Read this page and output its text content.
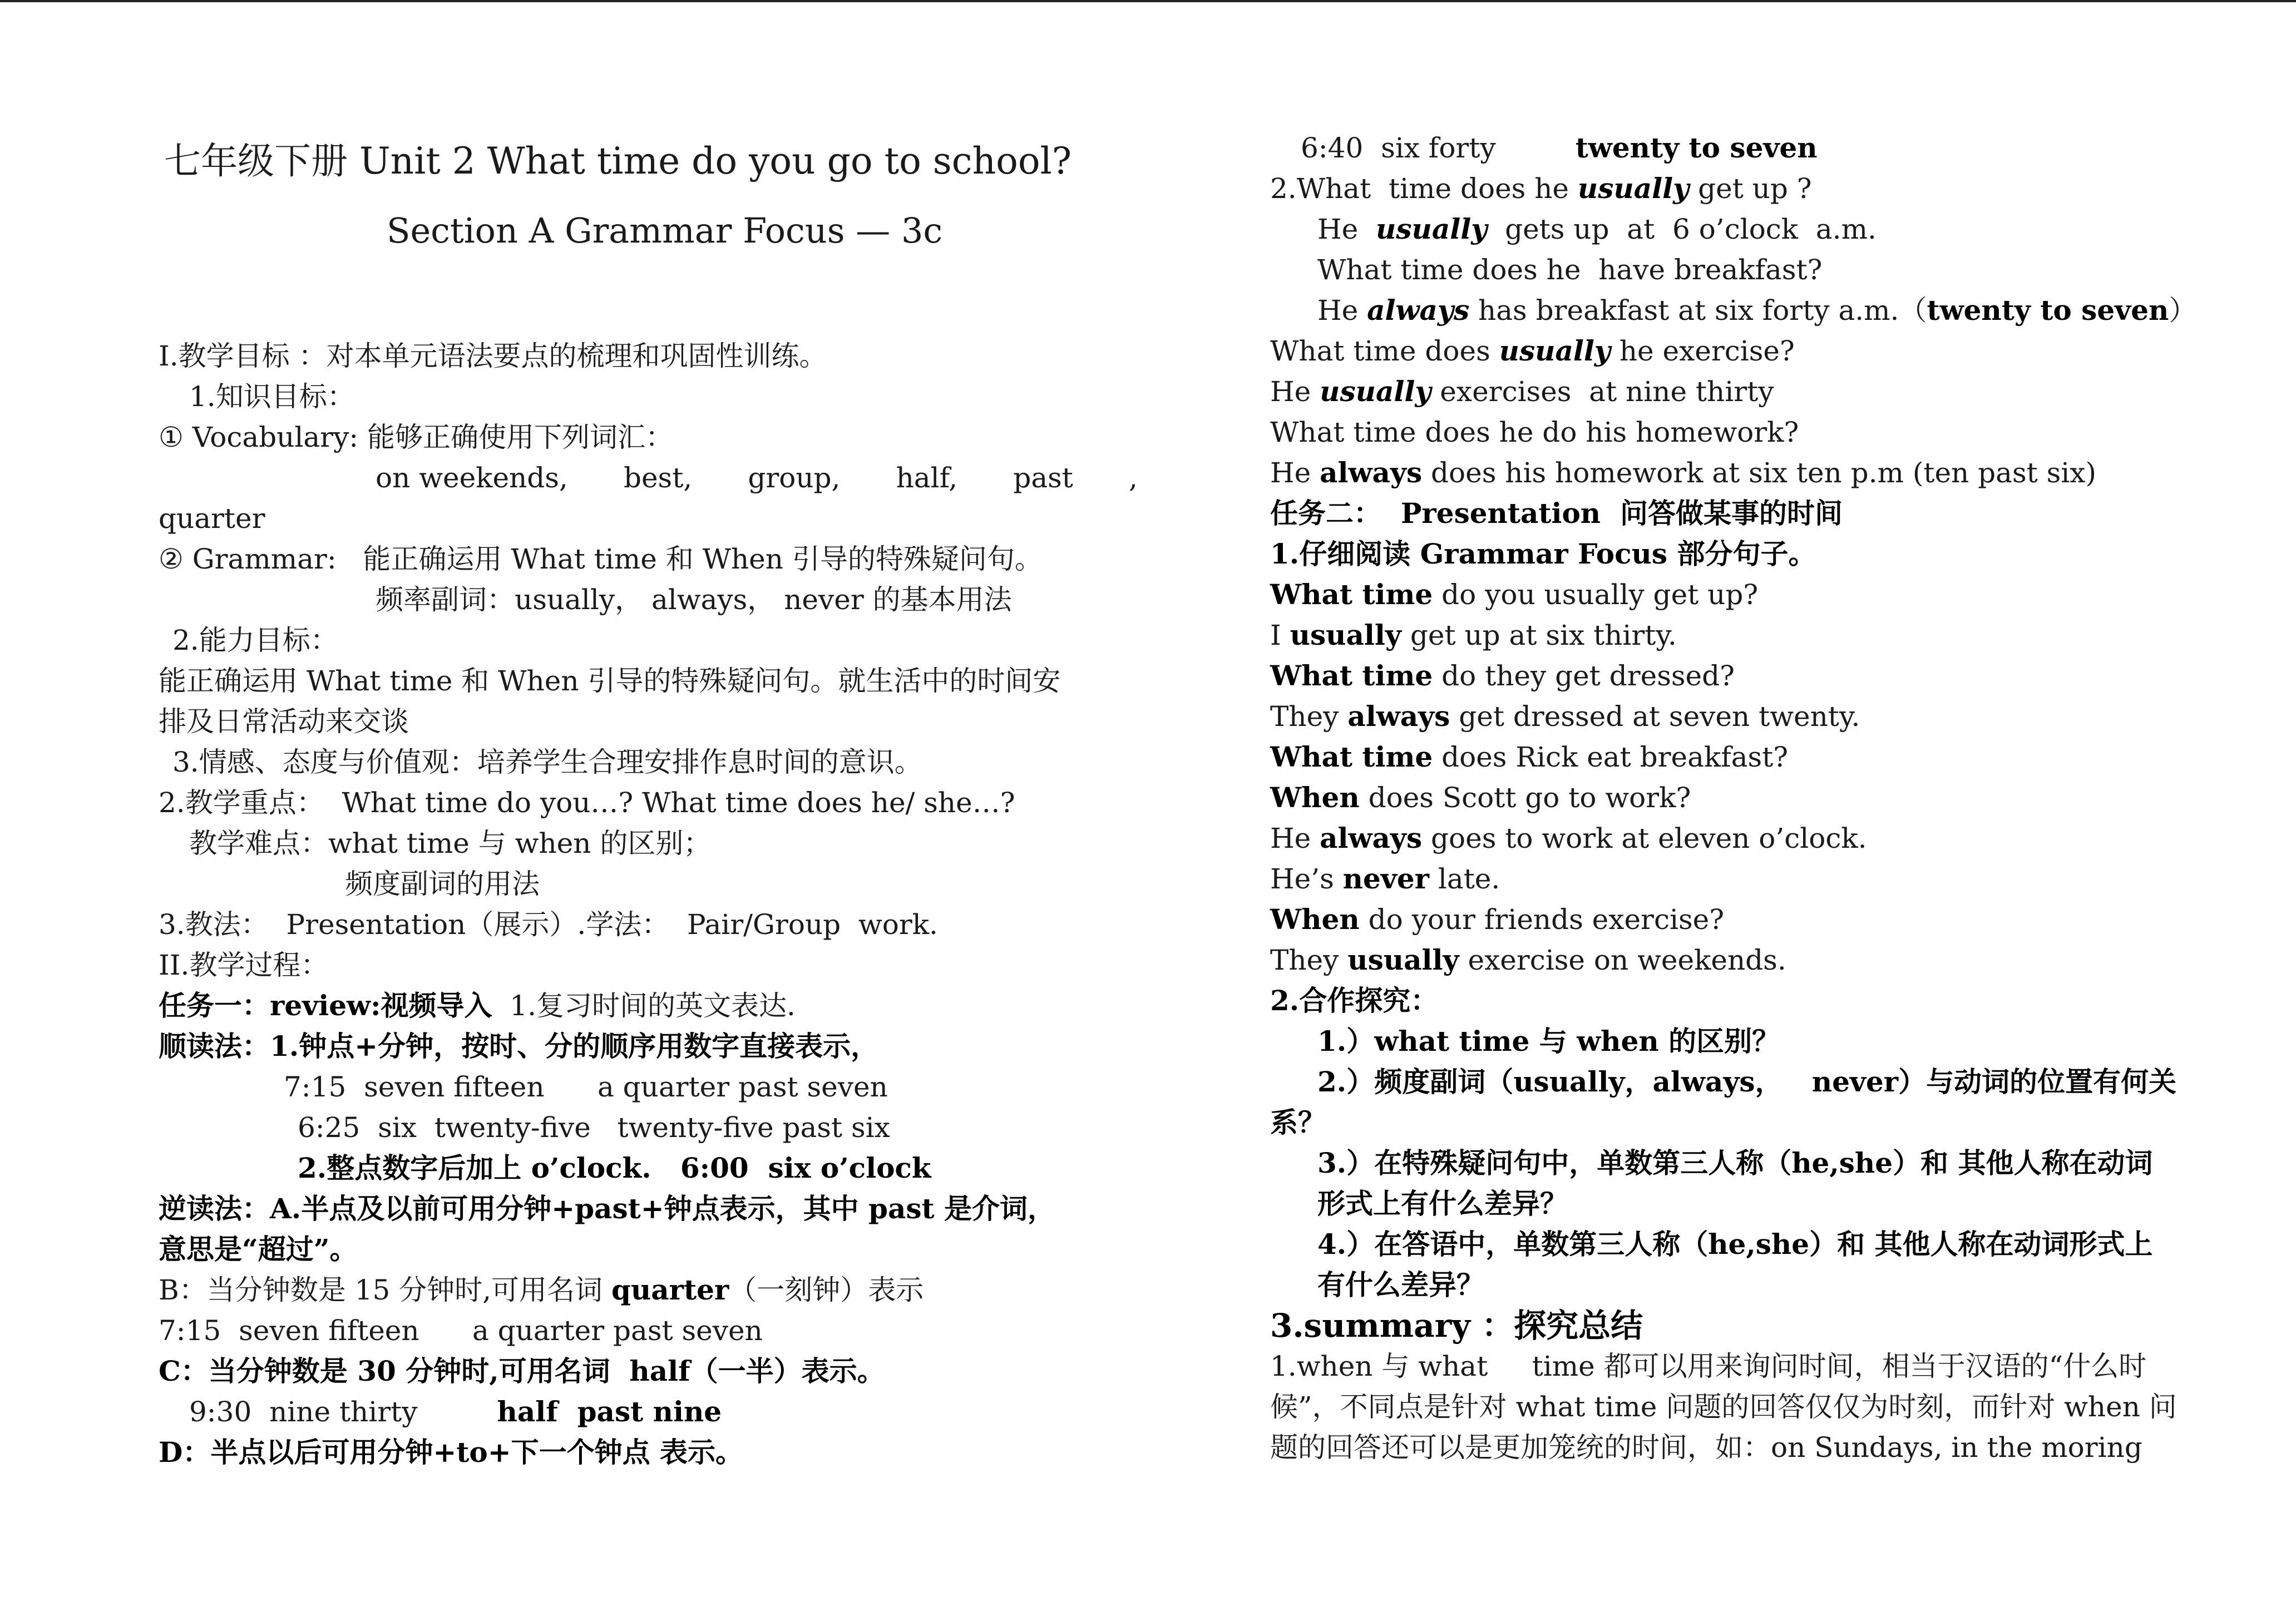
七年级下册 Unit 2 What time do you go to school?
Section A Grammar Focus — 3c
I.教学目标 ：对本单元语法要点的梳理和巩固性训练。
1.知识目标：
① Vocabulary: 能够正确使用下列词汇：
on weekends, best, group, half, past ,
quarter
② Grammar:   能正确运用 What time 和 When 引导的特殊疑问句。
频率副词：usually， always， never 的基本用法
2.能力目标：
能正确运用 What time 和 When 引导的特殊疑问句。就生活中的时间安
排及日常活动来交谈
3.情感、态度与价值观：培养学生合理安排作息时间的意识。
2.教学重点：  What time do you…? What time does he/ she…?
教学难点：what time 与 when 的区别；
频度副词的用法
3.教法：  Presentation（展示）.学法：  Pair/Group  work.
II.教学过程：
任务一：review:视频导入  1.复习时间的英文表达.
顺读法：1.钟点+分钟，按时、分的顺序用数字直接表示，
7:15  seven fifteen      a quarter past seven
6:25  six  twenty-five   twenty-five past six
2.整点数字后加上 o’clock.   6:00  six o’clock
逆读法：A.半点及以前可用分钟+past+钟点表示，其中 past 是介词，
意思是“超过”。
B：当分钟数是 15 分钟时,可用名词 quarter（一刻钟）表示
7:15  seven fifteen      a quarter past seven
C：当分钟数是 30 分钟时,可用名词  half（一半）表示。
9:30  nine thirty         half  past nine
D：半点以后可用分钟+to+下一个钟点 表示。
6:40  six forty         twenty to seven
2.What  time does he usually get up ?
He  usually  gets up  at  6 o’clock  a.m.
What time does he  have breakfast?
He always has breakfast at six forty a.m.（twenty to seven）
What time does usually he exercise?
He usually exercises  at nine thirty
What time does he do his homework?
He always does his homework at six ten p.m (ten past six)
任务二：  Presentation  问答做某事的时间
1.仔细阅读 Grammar Focus 部分句子。
What time do you usually get up?
I usually get up at six thirty.
What time do they get dressed?
They always get dressed at seven twenty.
What time does Rick eat breakfast?
When does Scott go to work?
He always goes to work at eleven o’clock.
He’s never late.
When do your friends exercise?
They usually exercise on weekends.
2.合作探究：
1.）what time 与 when 的区别？
2.）频度副词（usually，always，   never）与动词的位置有何关
系？
3.）在特殊疑问句中，单数第三人称（he,she）和 其他人称在动词
形式上有什么差异？
4.）在答语中，单数第三人称（he,she）和 其他人称在动词形式上
有什么差异？
3.summary ：探究总结
1.when 与 what     time 都可以用来询问时间，相当于汉语的“什么时
候”，不同点是针对 what time 问题的回答仅仅为时刻，而针对 when 问
题的回答还可以是更加笼统的时间，如：on Sundays, in the moring
